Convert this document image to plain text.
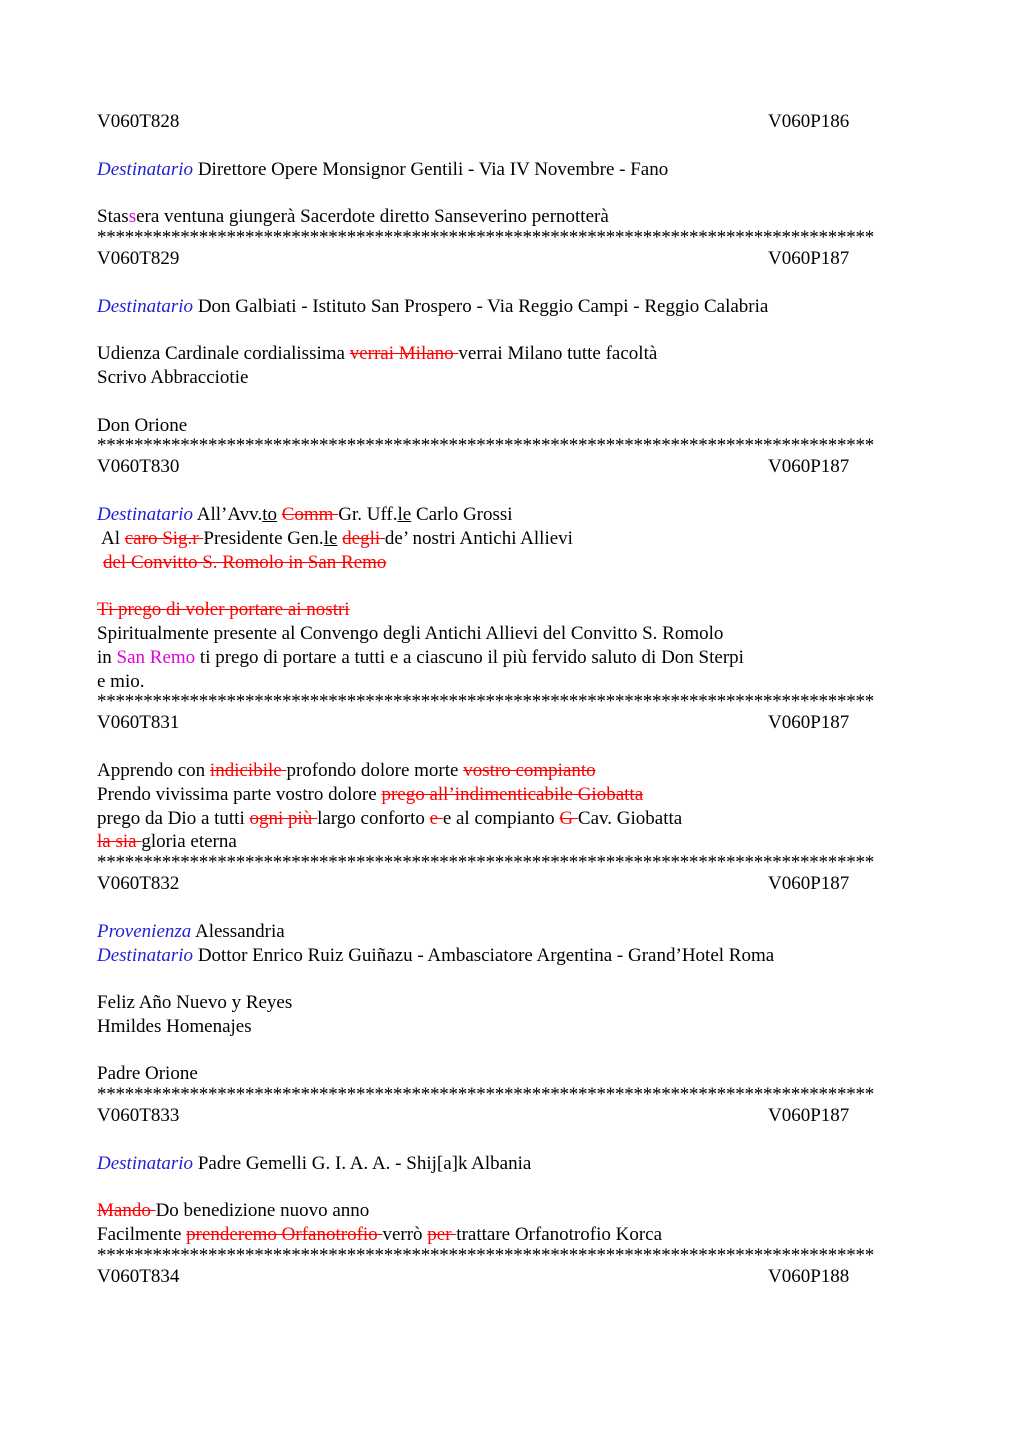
V060T828	V060P186
Destinatario Direttore Opere Monsignor Gentili - Via IV Novembre - Fano
Stassera ventuna giungerà Sacerdote diretto Sanseverino pernotterà
************************************************************************************
V060T829	V060P187
Destinatario Don Galbiati - Istituto San Prospero - Via Reggio Campi - Reggio Calabria
Udienza Cardinale cordialissima verrai Milano verrai Milano tutte facoltà
Scrivo Abbracciotie
Don Orione
************************************************************************************
V060T830	V060P187
Destinatario All’Avv.to Comm Gr. Uff.le Carlo Grossi
Al caro Sig.r Presidente Gen.le degli de’ nostri Antichi Allievi
del Convitto S. Romolo in San Remo
Ti prego di voler portare ai nostri
Spiritualmente presente al Convengo degli Antichi Allievi del Convitto S. Romolo
in San Remo ti prego di portare a tutti e a ciascuno il più fervido saluto di Don Sterpi
e mio.
************************************************************************************
V060T831	V060P187
Apprendo con indicibile profondo dolore morte vostro compianto
Prendo vivissima parte vostro dolore prego all’indimenticabile Giobatta
prego da Dio a tutti ogni più largo conforto e e al compianto G Cav. Giobatta
la sia gloria eterna
************************************************************************************
V060T832	V060P187
Provenienza Alessandria
Destinatario Dottor Enrico Ruiz Guiñazu - Ambasciatore Argentina - Grand’Hotel Roma
Feliz Año Nuevo y Reyes
Hmildes Homenajes
Padre Orione
************************************************************************************
V060T833	V060P187
Destinatario Padre Gemelli G. I. A. A. - Shij[a]k Albania
Mando Do benedizione nuovo anno
Facilmente prenderemo Orfanotrofio verrò per trattare Orfanotrofio Korca
************************************************************************************
V060T834	V060P188
